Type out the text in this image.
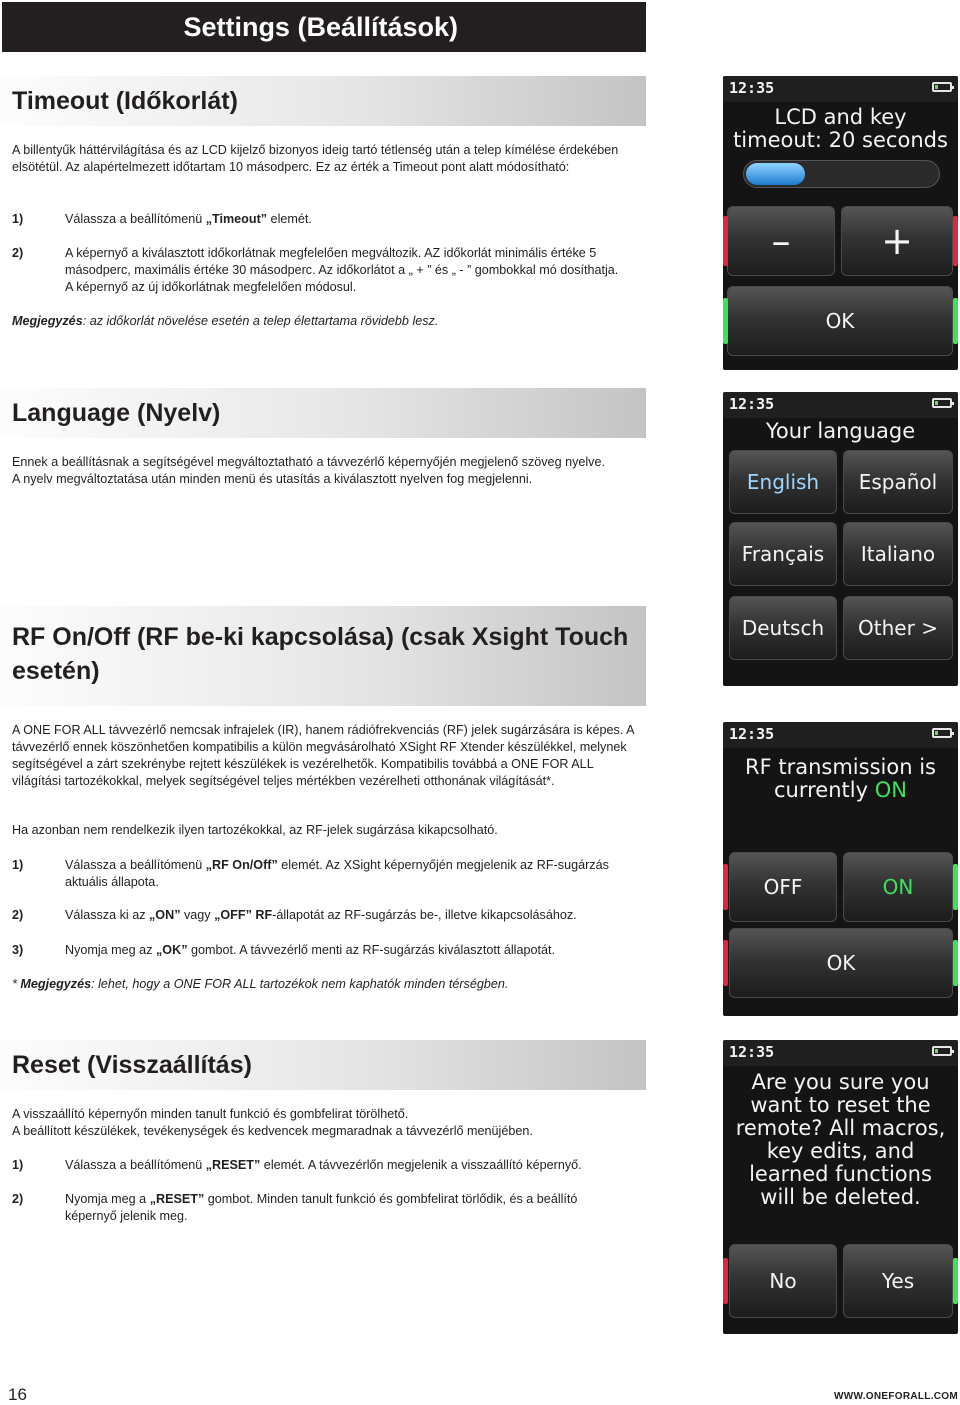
Settings (Beállítások)
Timeout (Időkorlát)
A billentyűk háttérvilágítása és az LCD kijelző bizonyos ideig tartó tétlenség után a telep kímélése érdekében elsötétül. Az alapértelmezett időtartam 10 másodperc. Ez az érték a Timeout pont alatt módosítható:
1)	Válassza a beállítómenü „Timeout” elemét.
2)	A képernyő a kiválasztott időkorlátnak megfelelően megváltozik. AZ időkorlát minimális értéke 5 másodperc, maximális értéke 30 másodperc. Az időkorlátot a „ + ” és „ - ” gombokkal mó dosíthatja. A képernyő az új időkorlátnak megfelelően módosul.
Megjegyzés: az időkorlát növelése esetén a telep élettartama rövidebb lesz.
Language (Nyelv)
Ennek a beállításnak a segítségével megváltoztatható a távvezérlő képernyőjén megjelenő szöveg nyelve.
A nyelv megváltoztatása után minden menü és utasítás a kiválasztott nyelven fog megjelenni.
RF On/Off (RF be-ki kapcsolása) (csak Xsight Touch
esetén)
A ONE FOR ALL távvezérlő nemcsak infrajelek (IR), hanem rádiófrekvenciás (RF) jelek sugárzására is képes. A távvezérlő ennek köszönhetően kompatibilis a külön megvásárolható XSight RF Xtender készülékkel, melynek segítségével a zárt szekrénybe rejtett készülékek is vezérelhetők. Kompatibilis továbbá a ONE FOR ALL világítási tartozékokkal, melyek segítségével teljes mértékben vezérelheti otthonának világítását*.
Ha azonban nem rendelkezik ilyen tartozékokkal, az RF-jelek sugárzása kikapcsolható.
1)	Válassza a beállítómenü „RF On/Off” elemét. Az XSight képernyőjén megjelenik az RF-sugárzás aktuális állapota.
2)	Válassza ki az „ON” vagy „OFF” RF-állapotát az RF-sugárzás be-, illetve kikapcsolásához.
3)	Nyomja meg az „OK” gombot. A távvezérlő menti az RF-sugárzás kiválasztott állapotát.
* Megjegyzés: lehet, hogy a ONE FOR ALL tartozékok nem kaphatók minden térségben.
Reset (Visszaállítás)
A visszaállító képernyőn minden tanult funkció és gombfelirat törölhető.
A beállított készülékek, tevékenységek és kedvencek megmaradnak a távvezérlő menüjében.
1)	Válassza a beállítómenü „RESET” elemét. A távvezérlőn megjelenik a visszaállító képernyő.
2)	Nyomja meg a „RESET” gombot. Minden tanult funkció és gombfelirat törlődik, és a beállító képernyő jelenik meg.
12:35
LCD and key
timeout: 20 seconds
–	+
OK
12:35
Your language
English	Español
Français	Italiano
Deutsch	Other >
12:35
RF transmission is
currently ON
OFF	ON
OK
12:35
Are you sure you
want to reset the
remote? All macros,
key edits, and
learned functions
will be deleted.
No	Yes
16	WWW.ONEFORALL.COM
